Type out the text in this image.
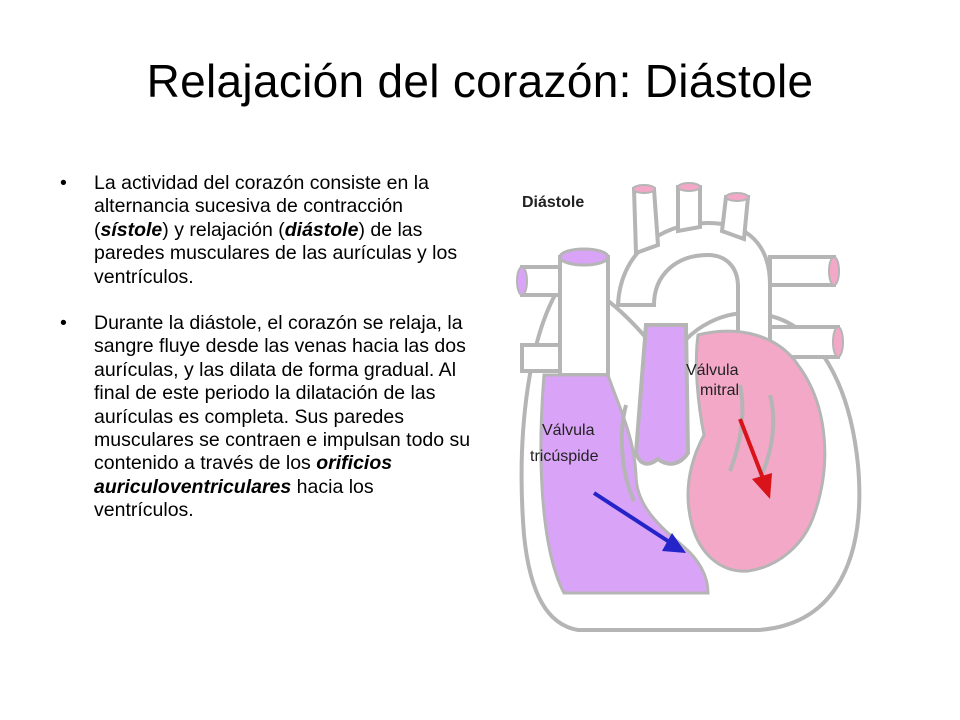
Relajación del corazón: Diástole
• La actividad del corazón consiste en la alternancia sucesiva de contracción (sístole) y relajación (diástole) de las paredes musculares de las aurículas y los ventrículos.
• Durante la diástole, el corazón se relaja, la sangre fluye desde las venas hacia las dos aurículas, y las dilata de forma gradual. Al final de este periodo la dilatación de las aurículas es completa. Sus paredes musculares se contraen e impulsan todo su contenido a través de los orificios auriculoventriculares hacia los ventrículos.
Diástole
Válvula
mitral
Válvula
tricúspide
